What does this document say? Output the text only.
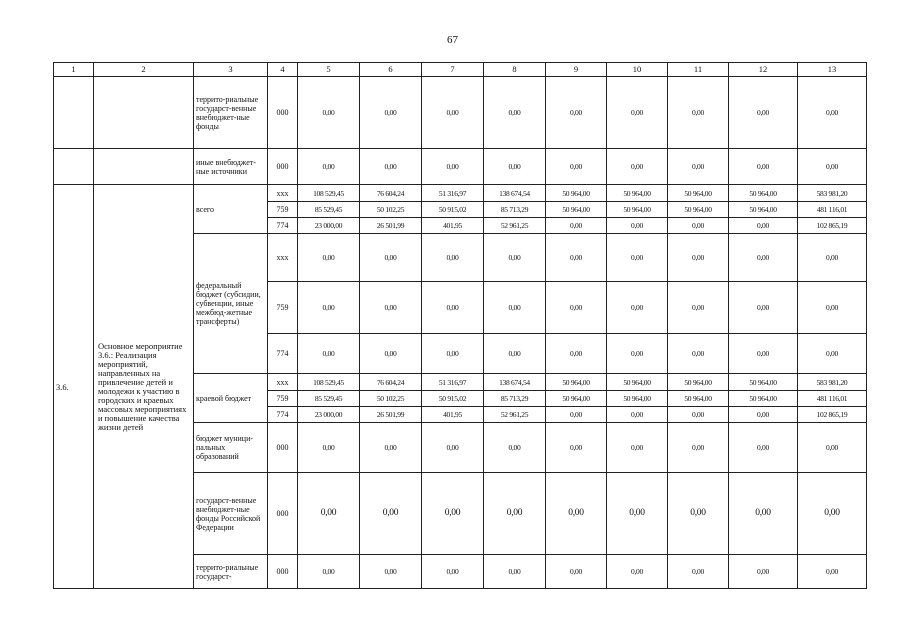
67
1	2	3	4	5	6	7	8	9	10	11	12	13
		террито-риальные государст-венные внебюджет-ные фонды	000	0,00	0,00	0,00	0,00	0,00	0,00	0,00	0,00	0,00
		иные внебюджет-ные источники	000	0,00	0,00	0,00	0,00	0,00	0,00	0,00	0,00	0,00
3.6.	Основное мероприятие 3.6.: Реализация мероприятий, направленных на привлечение детей и молодежи к участию в городских и краевых массовых мероприятиях и повышение качества жизни детей	всего	xxx	108 529,45	76 604,24	51 316,97	138 674,54	50 964,00	50 964,00	50 964,00	50 964,00	583 981,20
			759	85 529,45	50 102,25	50 915,02	85 713,29	50 964,00	50 964,00	50 964,00	50 964,00	481 116,01
			774	23 000,00	26 501,99	401,95	52 961,25	0,00	0,00	0,00	0,00	102 865,19
		федеральный бюджет (субсидии, субвенции, иные межбюд-жетные трансферты)	xxx	0,00	0,00	0,00	0,00	0,00	0,00	0,00	0,00	0,00
			759	0,00	0,00	0,00	0,00	0,00	0,00	0,00	0,00	0,00
			774	0,00	0,00	0,00	0,00	0,00	0,00	0,00	0,00	0,00
		краевой бюджет	xxx	108 529,45	76 604,24	51 316,97	138 674,54	50 964,00	50 964,00	50 964,00	50 964,00	583 981,20
			759	85 529,45	50 102,25	50 915,02	85 713,29	50 964,00	50 964,00	50 964,00	50 964,00	481 116,01
			774	23 000,00	26 501,99	401,95	52 961,25	0,00	0,00	0,00	0,00	102 865,19
		бюджет муници-пальных образований	000	0,00	0,00	0,00	0,00	0,00	0,00	0,00	0,00	0,00
		государст-венные внебюджет-ные фонды Российской Федерации	000	0,00	0,00	0,00	0,00	0,00	0,00	0,00	0,00	0,00
		террито-риальные государст-	000	0,00	0,00	0,00	0,00	0,00	0,00	0,00	0,00	0,00
